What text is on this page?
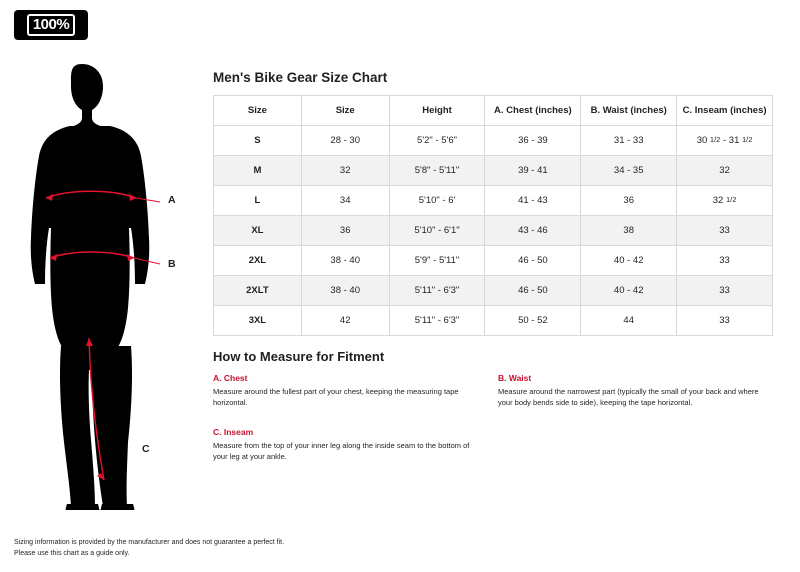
100%
A
B
C
Men's Bike Gear Size Chart
Size	Size	Height	A. Chest (inches)	B. Waist (inches)	C. Inseam (inches)
S	28 - 30	5'2" - 5'6"	36 - 39	31 - 33	30 1/2 - 31 1/2
M	32	5'8" - 5'11"	39 - 41	34 - 35	32
L	34	5'10" - 6'	41 - 43	36	32 1/2
XL	36	5'10" - 6'1"	43 - 46	38	33
2XL	38 - 40	5'9" - 5'11"	46 - 50	40 - 42	33
2XLT	38 - 40	5'11" - 6'3"	46 - 50	40 - 42	33
3XL	42	5'11" - 6'3"	50 - 52	44	33
How to Measure for Fitment
A. Chest

Measure around the fullest part of your chest, keeping the measuring tape horizontal.

B. Waist

Measure around the narrowest part (typically the small of your back and where your body bends side to side), keeping the tape horizontal.

C. Inseam

Measure from the top of your inner leg along the inside seam to the bottom of your leg at your ankle.

Sizing information is provided by the manufacturer and does not guarantee a perfect fit.
Please use this chart as a guide only.
